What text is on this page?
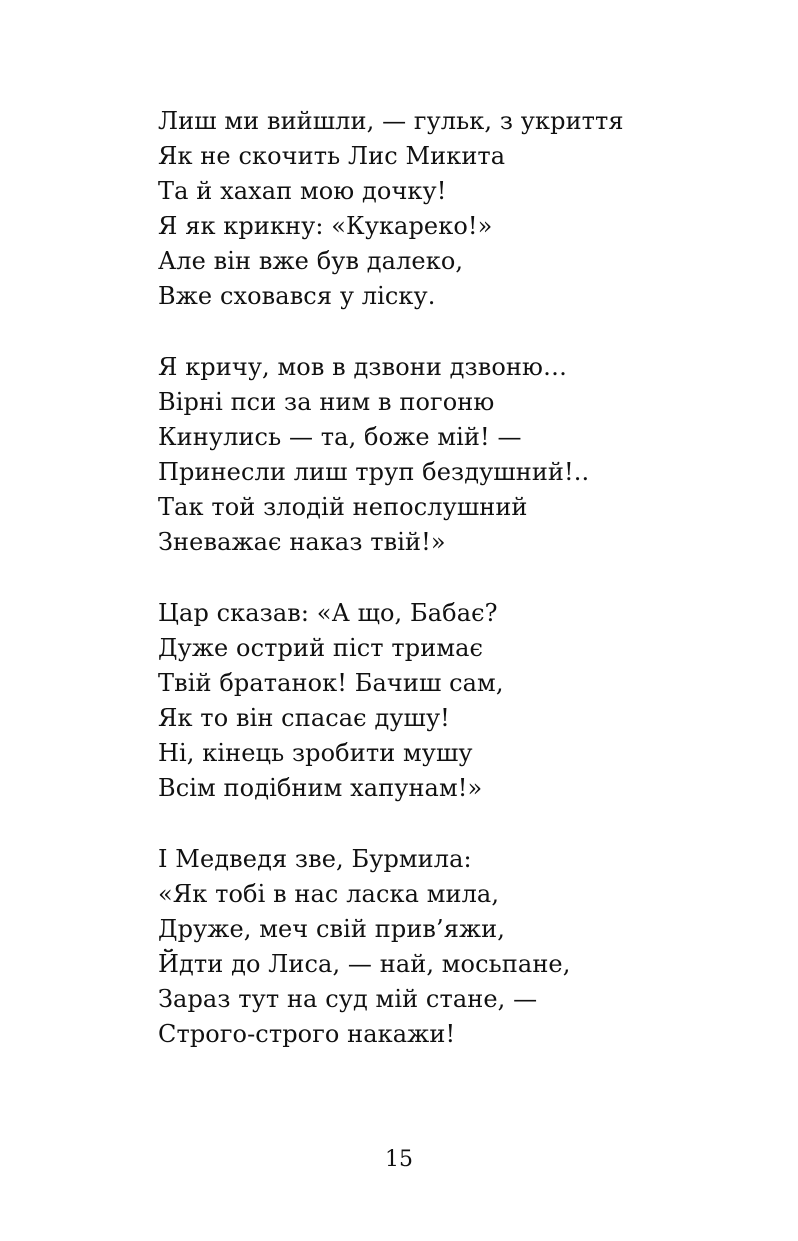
Лиш ми вийшли, — гульк, з укриття
Як не скочить Лис Микита
Та й хахап мою дочку!
Я як крикну: «Кукареко!»
Але він вже був далеко,
Вже сховався у ліску.
Я кричу, мов в дзвони дзвоню…
Вірні пси за ним в погоню
Кинулись — та, боже мій! —
Принесли лиш труп бездушний!..
Так той злодій непослушний
Зневажає наказ твій!»
Цар сказав: «А що, Бабає?
Дуже острий піст тримає
Твій братанок! Бачиш сам,
Як то він спасає душу!
Ні, кінець зробити мушу
Всім подібним хапунам!»
І Медведя зве, Бурмила:
«Як тобі в нас ласка мила,
Друже, меч свій прив’яжи,
Йдти до Лиса, — най, мосьпане,
Зараз тут на суд мій стане, —
Строго-строго накажи!
15
